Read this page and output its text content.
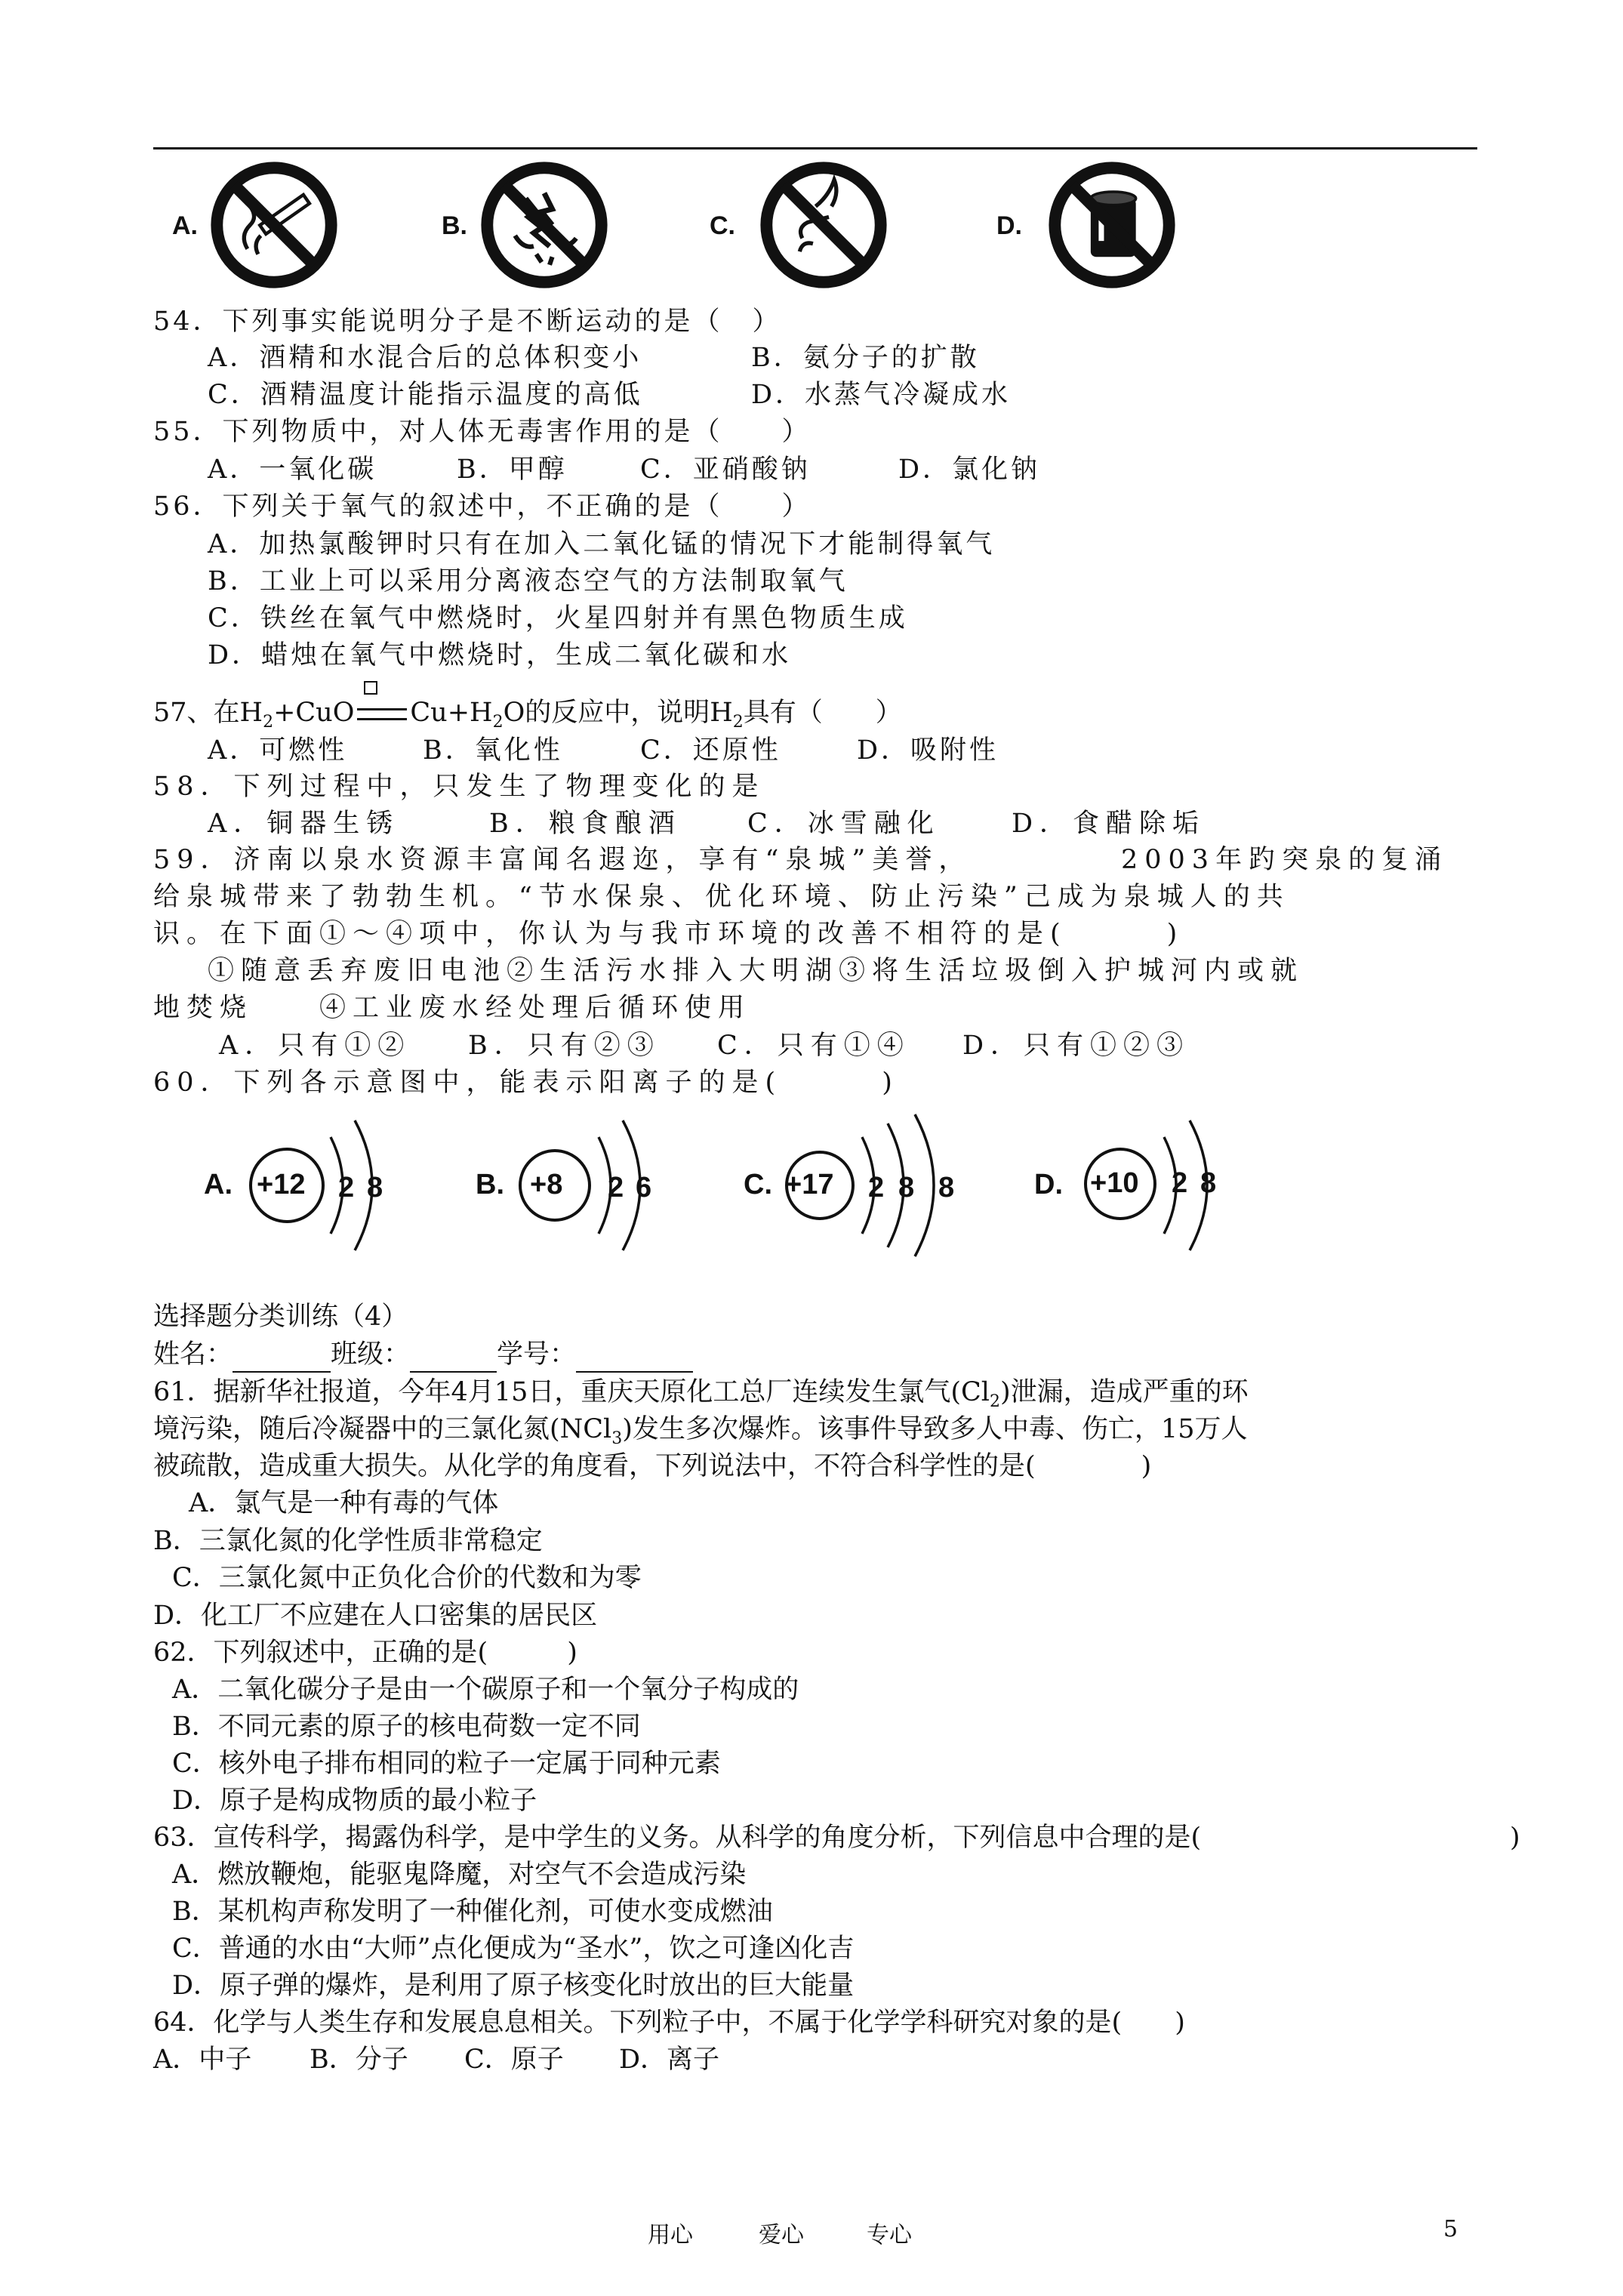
A.	B.	C.	D.
54．下列事实能说明分子是不断运动的是（　）
A．酒精和水混合后的总体积变小	B．氨分子的扩散
C．酒精温度计能指示温度的高低	D．水蒸气冷凝成水
55．下列物质中，对人体无毒害作用的是（　　）
A．一氧化碳	B．甲醇	C．亚硝酸钠	D．氯化钠
56．下列关于氧气的叙述中，不正确的是（　　）
A．加热氯酸钾时只有在加入二氧化锰的情况下才能制得氧气
B．工业上可以采用分离液态空气的方法制取氧气
C．铁丝在氧气中燃烧时，火星四射并有黑色物质生成
D．蜡烛在氧气中燃烧时，生成二氧化碳和水
57、在$H_2+CuO$ $Cu+H_2O$的反应中，说明$H_2$具有（　　）
A．可燃性	B．氧化性	C．还原性	D．吸附性
58．下列过程中，只发生了物理变化的是
A．铜器生锈	B．粮食酿酒 C．冰雪融化	D．食醋除垢
59．济南以泉水资源丰富闻名遐迩，享有“泉城”美誉，	2003年趵突泉的复涌
给泉城带来了勃勃生机。“节水保泉、优化环境、防止污染”己成为泉城人的共
识。在下面①～④项中，你认为与我市环境的改善不相符的是(　　　)
①随意丢弃废旧电池②生活污水排入大明湖③将生活垃圾倒入护城河内或就
地焚烧　　④工业废水经处理后循环使用
A．只有①② B．只有②③ C．只有①④ D．只有①②③
60．下列各示意图中，能表示阳离子的是(　　　)
A. +12 2 8	B. +8 2 6	C. +17 2 8 8	D. +10 2 8
选择题分类训练（4）
姓名：	班级：	学号：
61．据新华社报道，今年4月15日，重庆天原化工总厂连续发生氯气$(Cl_2)$泄漏，造成严重的环
境污染，随后冷凝器中的三氯化氮(NCl$_3$)发生多次爆炸。该事件导致多人中毒、伤亡，15万人
被疏散，造成重大损失。从化学的角度看，下列说法中，不符合科学性的是(　　　　)
A．氯气是一种有毒的气体
B．三氯化氮的化学性质非常稳定
C．三氯化氮中正负化合价的代数和为零
D．化工厂不应建在人口密集的居民区
62．下列叙述中，正确的是(　　　)
A．二氧化碳分子是由一个碳原子和一个氧分子构成的
B．不同元素的原子的核电荷数一定不同
C．核外电子排布相同的粒子一定属于同种元素
D．原子是构成物质的最小粒子
63．宣传科学，揭露伪科学，是中学生的义务。从科学的角度分析，下列信息中合理的是(	)
A．燃放鞭炮，能驱鬼降魔，对空气不会造成污染
B．某机构声称发明了一种催化剂，可使水变成燃油
C．普通的水由“大师”点化便成为“圣水”，饮之可逢凶化吉
D．原子弹的爆炸，是利用了原子核变化时放出的巨大能量
64．化学与人类生存和发展息息相关。下列粒子中，不属于化学学科研究对象的是(　　)
A．中子 B．分子 C．原子 D．离子
用心	爱心	专心	5
